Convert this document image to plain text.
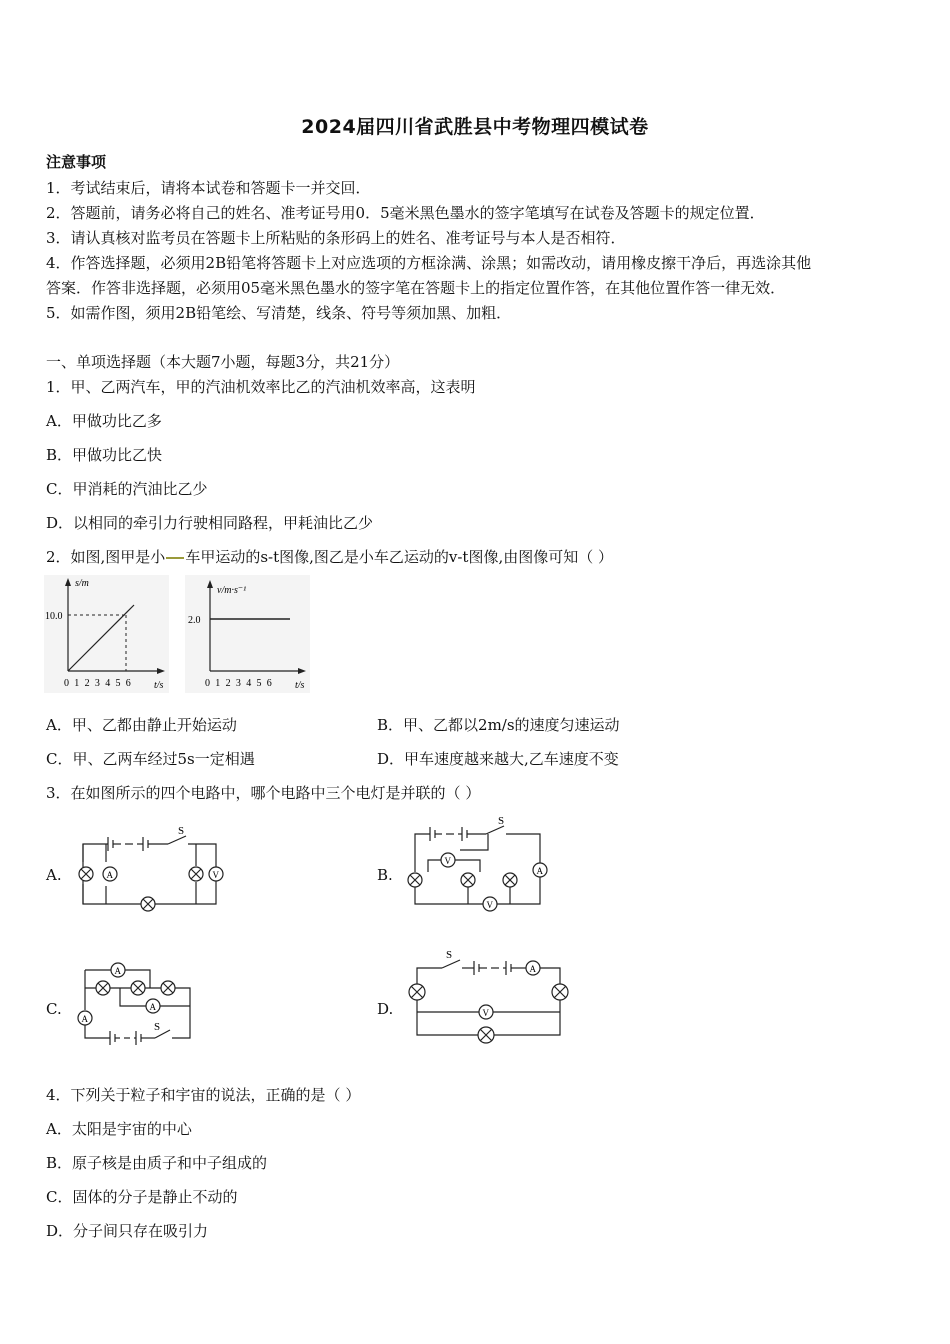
2024届四川省武胜县中考物理四模试卷
注意事项
1．考试结束后，请将本试卷和答题卡一并交回．
2．答题前，请务必将自己的姓名、准考证号用0．5毫米黑色墨水的签字笔填写在试卷及答题卡的规定位置．
3．请认真核对监考员在答题卡上所粘贴的条形码上的姓名、准考证号与本人是否相符．
4．作答选择题，必须用2B铅笔将答题卡上对应选项的方框涂满、涂黑；如需改动，请用橡皮擦干净后，再选涂其他
答案．作答非选择题，必须用05毫米黑色墨水的签字笔在答题卡上的指定位置作答，在其他位置作答一律无效．
5．如需作图，须用2B铅笔绘、写清楚，线条、符号等须加黑、加粗．
一、单项选择题（本大题7小题，每题3分，共21分）
1．甲、乙两汽车，甲的汽油机效率比乙的汽油机效率高，这表明
A．甲做功比乙多
B．甲做功比乙快
C．甲消耗的汽油比乙少
D．以相同的牵引力行驶相同路程，甲耗油比乙少
2．如图,图甲是小 车甲运动的s-t图像,图乙是小车乙运动的v-t图像,由图像可知（ ）
s/m
10.0
0 1 2 3 4 5 6 t/s
v/m·s⁻¹
2.0
0 1 2 3 4 5 6 t/s
A．甲、乙都由静止开始运动	B．甲、乙都以2m/s的速度匀速运动
C．甲、乙两车经过5s一定相遇	D．甲车速度越来越大,乙车速度不变
3．在如图所示的四个电路中，哪个电路中三个电灯是并联的（ ）
A.	B.
C.	D.
S
A	V
S
V
A
V
A
A
A
S
S
A
V
4．下列关于粒子和宇宙的说法，正确的是（ ）
A．太阳是宇宙的中心
B．原子核是由质子和中子组成的
C．固体的分子是静止不动的
D．分子间只存在吸引力
